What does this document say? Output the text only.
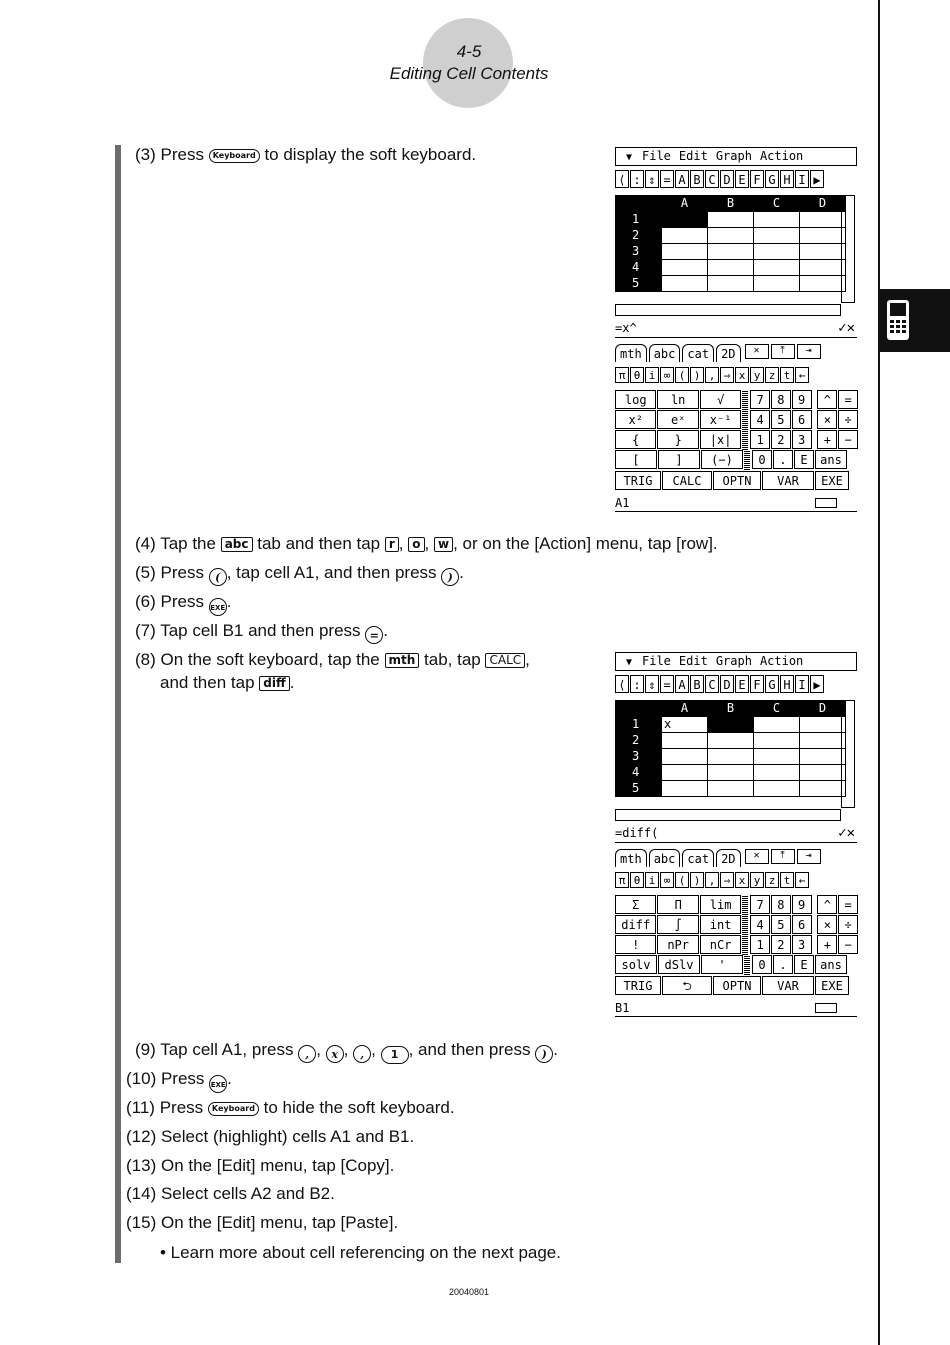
4-5
Editing Cell Contents
(3) Press Keyboard to display the soft keyboard.
(4) Tap the abc tab and then tap r , o , w , or on the [Action] menu, tap [row].
(5) Press ( , tap cell A1, and then press ) .
(6) Press EXE.
(7) Tap cell B1 and then press = .
(8) On the soft keyboard, tap the mth tab, tap CALC ,
and then tap diff .
(9) Tap cell A1, press , , x , , , 1 , and then press ) .
(10) Press EXE.
(11) Press Keyboard to hide the soft keyboard.
(12) Select (highlight) cells A1 and B1.
(13) On the [Edit] menu, tap [Copy].
(14) Select cells A2 and B2.
(15) On the [Edit] menu, tap [Paste].
• Learn more about cell referencing on the next page.
20040801
▼ File Edit Graph Action
⟨ : ⇕ = A B C D E F G H I ▶
	A	B	C	D
1				
2				
3				
4				
5				
=x^	✓✕
mth	abc	cat	2D	✕	⤒	⇥
π θ i ∞ ( ) , ⇒ x y z t ←
log	ln	√	7	8	9	^	=
x²	eˣ	x⁻¹	4	5	6	×	÷
{	}	|x|	1	2	3	+	−
[	]	(−)	0	.	E	ans
TRIG	CALC	OPTN	VAR	EXE
A1
▼ File Edit Graph Action
⟨ : ⇕ = A B C D E F G H I ▶
	A	B	C	D
1	x			
2				
3				
4				
5				
=diff(	✓✕
mth	abc	cat	2D	✕	⤒	⇥
π θ i ∞ ( ) , ⇒ x y z t ←
Σ	Π	lim	7	8	9	^	=
diff	∫	int	4	5	6	×	÷
!	nPr	nCr	1	2	3	+	−
solv	dSlv	'	0	.	E	ans
TRIG	⮌	OPTN	VAR	EXE
B1
